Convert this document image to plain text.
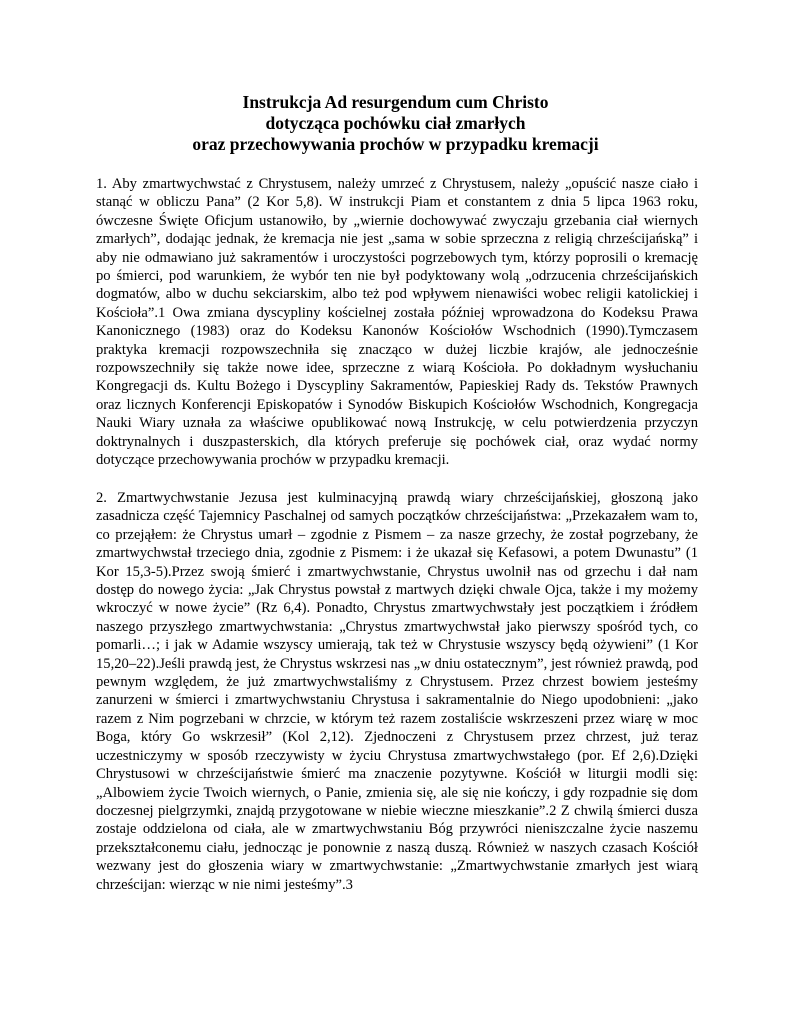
Instrukcja Ad resurgendum cum Christo
dotycząca pochówku ciał zmarłych
oraz przechowywania prochów w przypadku kremacji

1. Aby zmartwychwstać z Chrystusem, należy umrzeć z Chrystusem, należy „opuścić nasze ciało i stanąć w obliczu Pana” (2 Kor 5,8). W instrukcji Piam et constantem z dnia 5 lipca 1963 roku, ówczesne Święte Oficjum ustanowiło, by „wiernie dochowywać zwyczaju grzebania ciał wiernych zmarłych”, dodając jednak, że kremacja nie jest „sama w sobie sprzeczna z religią chrześcijańską” i aby nie odmawiano już sakramentów i uroczystości pogrzebowych tym, którzy poprosili o kremację po śmierci, pod warunkiem, że wybór ten nie był podyktowany wolą „odrzucenia chrześcijańskich dogmatów, albo w duchu sekciarskim, albo też pod wpływem nienawiści wobec religii katolickiej i Kościoła”.1 Owa zmiana dyscypliny kościelnej została później wprowadzona do Kodeksu Prawa Kanonicznego (1983) oraz do Kodeksu Kanonów Kościołów Wschodnich (1990).Tymczasem praktyka kremacji rozpowszechniła się znacząco w dużej liczbie krajów, ale jednocześnie rozpowszechniły się także nowe idee, sprzeczne z wiarą Kościoła. Po dokładnym wysłuchaniu Kongregacji ds. Kultu Bożego i Dyscypliny Sakramentów, Papieskiej Rady ds. Tekstów Prawnych oraz licznych Konferencji Episkopatów i Synodów Biskupich Kościołów Wschodnich, Kongregacja Nauki Wiary uznała za właściwe opublikować nową Instrukcję, w celu potwierdzenia przyczyn doktrynalnych i duszpasterskich, dla których preferuje się pochówek ciał, oraz wydać normy dotyczące przechowywania prochów w przypadku kremacji.

2. Zmartwychwstanie Jezusa jest kulminacyjną prawdą wiary chrześcijańskiej, głoszoną jako zasadnicza część Tajemnicy Paschalnej od samych początków chrześcijaństwa: „Przekazałem wam to, co przejąłem: że Chrystus umarł – zgodnie z Pismem – za nasze grzechy, że został pogrzebany, że zmartwychwstał trzeciego dnia, zgodnie z Pismem: i że ukazał się Kefasowi, a potem Dwunastu” (1 Kor 15,3-5).Przez swoją śmierć i zmartwychwstanie, Chrystus uwolnił nas od grzechu i dał nam dostęp do nowego życia: „Jak Chrystus powstał z martwych dzięki chwale Ojca, także i my możemy wkroczyć w nowe życie” (Rz 6,4). Ponadto, Chrystus zmartwychwstały jest początkiem i źródłem naszego przyszłego zmartwychwstania: „Chrystus zmartwychwstał jako pierwszy spośród tych, co pomarli…; i jak w Adamie wszyscy umierają, tak też w Chrystusie wszyscy będą ożywieni” (1 Kor 15,20–22).Jeśli prawdą jest, że Chrystus wskrzesi nas „w dniu ostatecznym”, jest również prawdą, pod pewnym względem, że już zmartwychwstaliśmy z Chrystusem. Przez chrzest bowiem jesteśmy zanurzeni w śmierci i zmartwychwstaniu Chrystusa i sakramentalnie do Niego upodobnieni: „jako razem z Nim pogrzebani w chrzcie, w którym też razem zostaliście wskrzeszeni przez wiarę w moc Boga, który Go wskrzesił” (Kol 2,12). Zjednoczeni z Chrystusem przez chrzest, już teraz uczestniczymy w sposób rzeczywisty w życiu Chrystusa zmartwychwstałego (por. Ef 2,6).Dzięki Chrystusowi w chrześcijaństwie śmierć ma znaczenie pozytywne. Kościół w liturgii modli się: „Albowiem życie Twoich wiernych, o Panie, zmienia się, ale się nie kończy, i gdy rozpadnie się dom doczesnej pielgrzymki, znajdą przygotowane w niebie wieczne mieszkanie”.2 Z chwilą śmierci dusza zostaje oddzielona od ciała, ale w zmartwychwstaniu Bóg przywróci nieniszczalne życie naszemu przekształconemu ciału, jednocząc je ponownie z naszą duszą. Również w naszych czasach Kościół wezwany jest do głoszenia wiary w zmartwychwstanie: „Zmartwychwstanie zmarłych jest wiarą chrześcijan: wierząc w nie nimi jesteśmy”.3
